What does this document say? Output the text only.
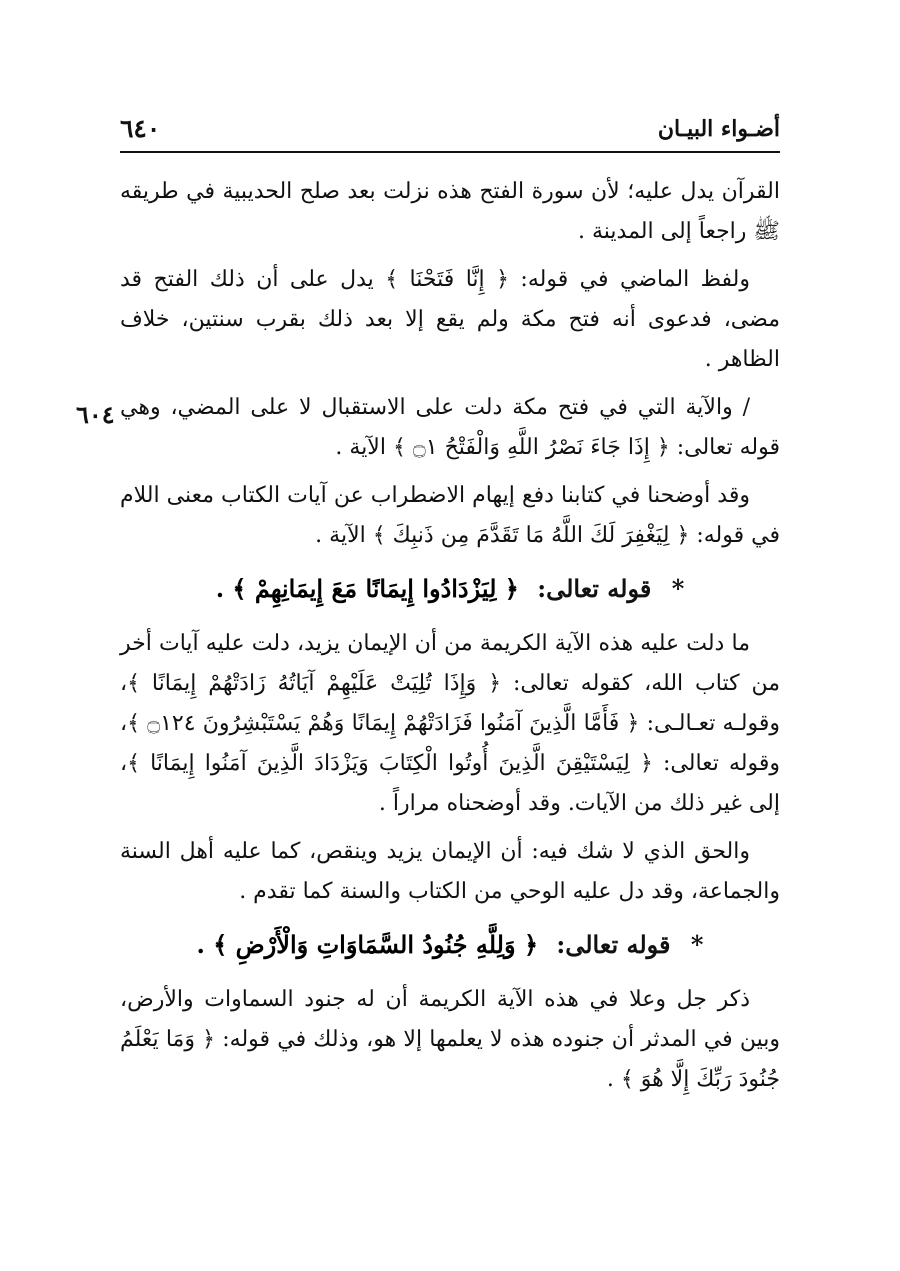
أضـواء البيـان
٦٤٠
٦٠٤

القرآن يدل عليه؛ لأن سورة الفتح هذه نزلت بعد صلح الحديبية في طريقه ﷺ راجعاً إلى المدينة .

ولفظ الماضي في قوله: ﴿ إِنَّا فَتَحْنَا ﴾ يدل على أن ذلك الفتح قد مضى، فدعوى أنه فتح مكة ولم يقع إلا بعد ذلك بقرب سنتين، خلاف الظاهر .

/ والآية التي في فتح مكة دلت على الاستقبال لا على المضي، وهي قوله تعالى: ﴿ إِذَا جَاءَ نَصْرُ اللَّهِ وَالْفَتْحُ ۝١ ﴾ الآية .

وقد أوضحنا في كتابنا دفع إيهام الاضطراب عن آيات الكتاب معنى اللام في قوله: ﴿ لِيَغْفِرَ لَكَ اللَّهُ مَا تَقَدَّمَ مِن ذَنبِكَ ﴾ الآية .

* قوله تعالى: ﴿ لِيَزْدَادُوا إِيمَانًا مَعَ إِيمَانِهِمْ ﴾ .

ما دلت عليه هذه الآية الكريمة من أن الإيمان يزيد، دلت عليه آيات أخر من كتاب الله، كقوله تعالى: ﴿ وَإِذَا تُلِيَتْ عَلَيْهِمْ آيَاتُهُ زَادَتْهُمْ إِيمَانًا ﴾، وقولـه تعـالـى: ﴿ فَأَمَّا الَّذِينَ آمَنُوا فَزَادَتْهُمْ إِيمَانًا وَهُمْ يَسْتَبْشِرُونَ ۝١٢٤ ﴾، وقوله تعالى: ﴿ لِيَسْتَيْقِنَ الَّذِينَ أُوتُوا الْكِتَابَ وَيَزْدَادَ الَّذِينَ آمَنُوا إِيمَانًا ﴾، إلى غير ذلك من الآيات. وقد أوضحناه مراراً .

والحق الذي لا شك فيه: أن الإيمان يزيد وينقص، كما عليه أهل السنة والجماعة، وقد دل عليه الوحي من الكتاب والسنة كما تقدم .

* قوله تعالى: ﴿ وَلِلَّهِ جُنُودُ السَّمَاوَاتِ وَالْأَرْضِ ﴾ .

ذكر جل وعلا في هذه الآية الكريمة أن له جنود السماوات والأرض، وبين في المدثر أن جنوده هذه لا يعلمها إلا هو، وذلك في قوله: ﴿ وَمَا يَعْلَمُ جُنُودَ رَبِّكَ إِلَّا هُوَ ﴾ .
